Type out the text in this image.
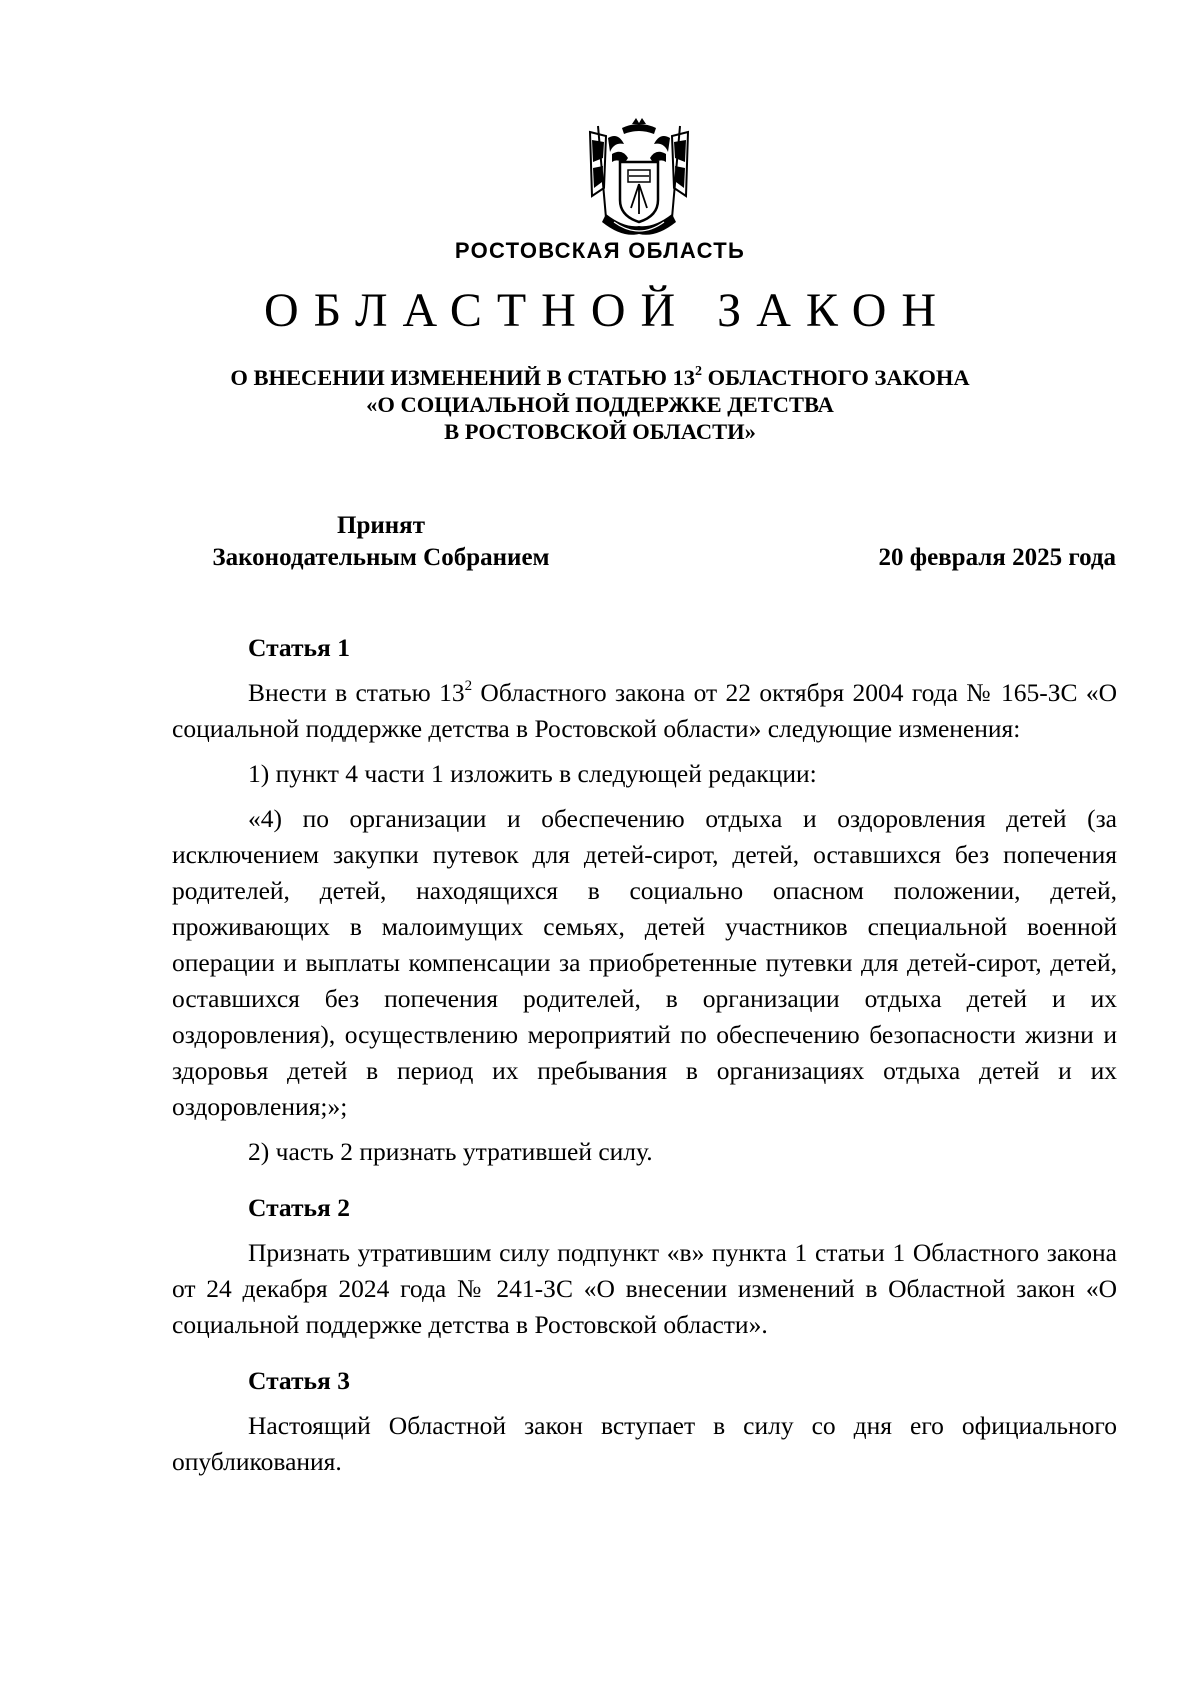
РОСТОВСКАЯ ОБЛАСТЬ
ОБЛАСТНОЙ ЗАКОН
О ВНЕСЕНИИ ИЗМЕНЕНИЙ В СТАТЬЮ $13^2$ ОБЛАСТНОГО ЗАКОНА
«О СОЦИАЛЬНОЙ ПОДДЕРЖКЕ ДЕТСТВА
В РОСТОВСКОЙ ОБЛАСТИ»
Принят
Законодательным Собранием	20 февраля 2025 года
Статья 1

Внести в статью $13^2$ Областного закона от 22 октября 2004 года № 165-ЗС «О социальной поддержке детства в Ростовской области» следующие изменения:

1) пункт 4 части 1 изложить в следующей редакции:

«4) по организации и обеспечению отдыха и оздоровления детей (за исключением закупки путевок для детей-сирот, детей, оставшихся без попечения родителей, детей, находящихся в социально опасном положении, детей, проживающих в малоимущих семьях, детей участников специальной военной операции и выплаты компенсации за приобретенные путевки для детей-сирот, детей, оставшихся без попечения родителей, в организации отдыха детей и их оздоровления), осуществлению мероприятий по обеспечению безопасности жизни и здоровья детей в период их пребывания в организациях отдыха детей и их оздоровления;»;

2) часть 2 признать утратившей силу.

Статья 2

Признать утратившим силу подпункт «в» пункта 1 статьи 1 Областного закона от 24 декабря 2024 года № 241-ЗС «О внесении изменений в Областной закон «О социальной поддержке детства в Ростовской области».

Статья 3

Настоящий Областной закон вступает в силу со дня его официального опубликования.
